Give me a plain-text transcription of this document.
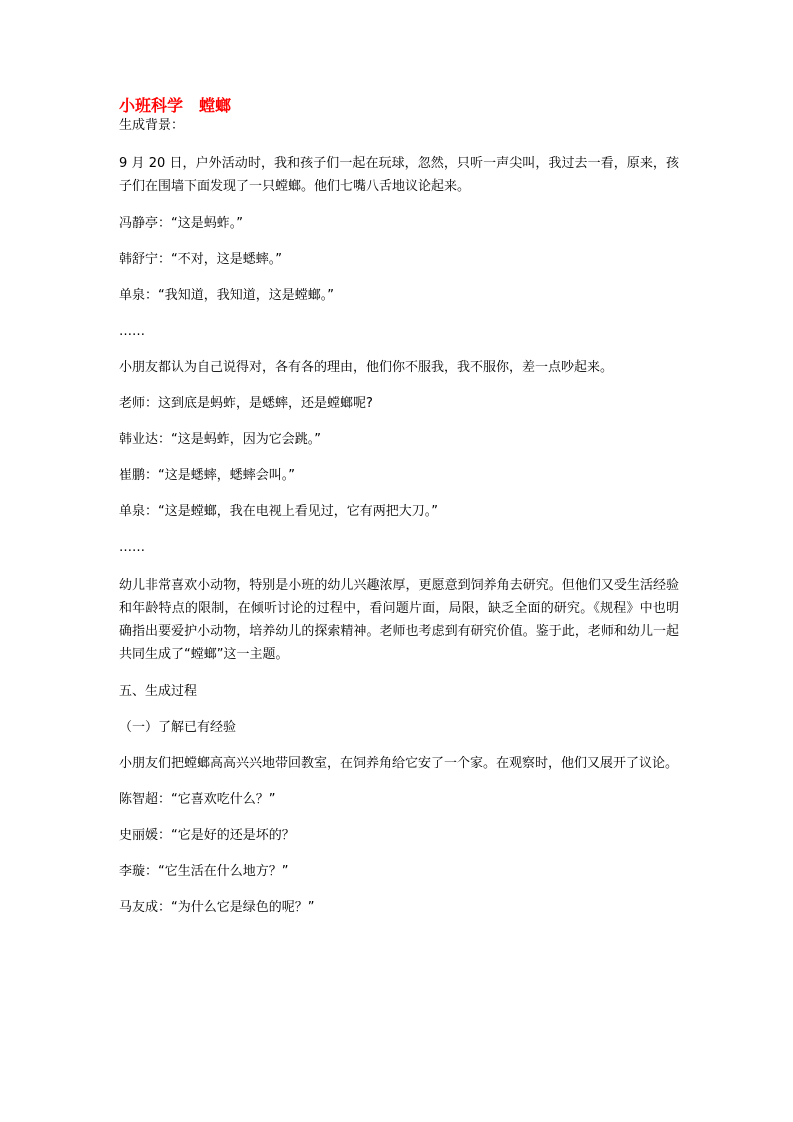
小班科学　螳螂
生成背景：
9 月 20 日，户外活动时，我和孩子们一起在玩球，忽然，只听一声尖叫，我过去一看，原来，孩子们在围墙下面发现了一只螳螂。他们七嘴八舌地议论起来。
冯静亭：“这是蚂蚱。”
韩舒宁：“不对，这是蟋蟀。”
单泉：“我知道，我知道，这是螳螂。”
……
小朋友都认为自己说得对，各有各的理由，他们你不服我，我不服你，差一点吵起来。
老师：这到底是蚂蚱，是蟋蟀，还是螳螂呢?
韩业达：“这是蚂蚱，因为它会跳。”
崔鹏：“这是蟋蟀，蟋蟀会叫。”
单泉：“这是螳螂，我在电视上看见过，它有两把大刀。”
……
幼儿非常喜欢小动物，特别是小班的幼儿兴趣浓厚，更愿意到饲养角去研究。但他们又受生活经验和年龄特点的限制，在倾听讨论的过程中，看问题片面，局限，缺乏全面的研究。《规程》中也明确指出要爱护小动物，培养幼儿的探索精神。老师也考虑到有研究价值。鉴于此，老师和幼儿一起共同生成了“螳螂”这一主题。
五、生成过程
（一）了解已有经验
小朋友们把螳螂高高兴兴地带回教室，在饲养角给它安了一个家。在观察时，他们又展开了议论。
陈智超：“它喜欢吃什么？”
史丽媛：“它是好的还是坏的？
李璇：“它生活在什么地方？”
马友成：“为什么它是绿色的呢？”
